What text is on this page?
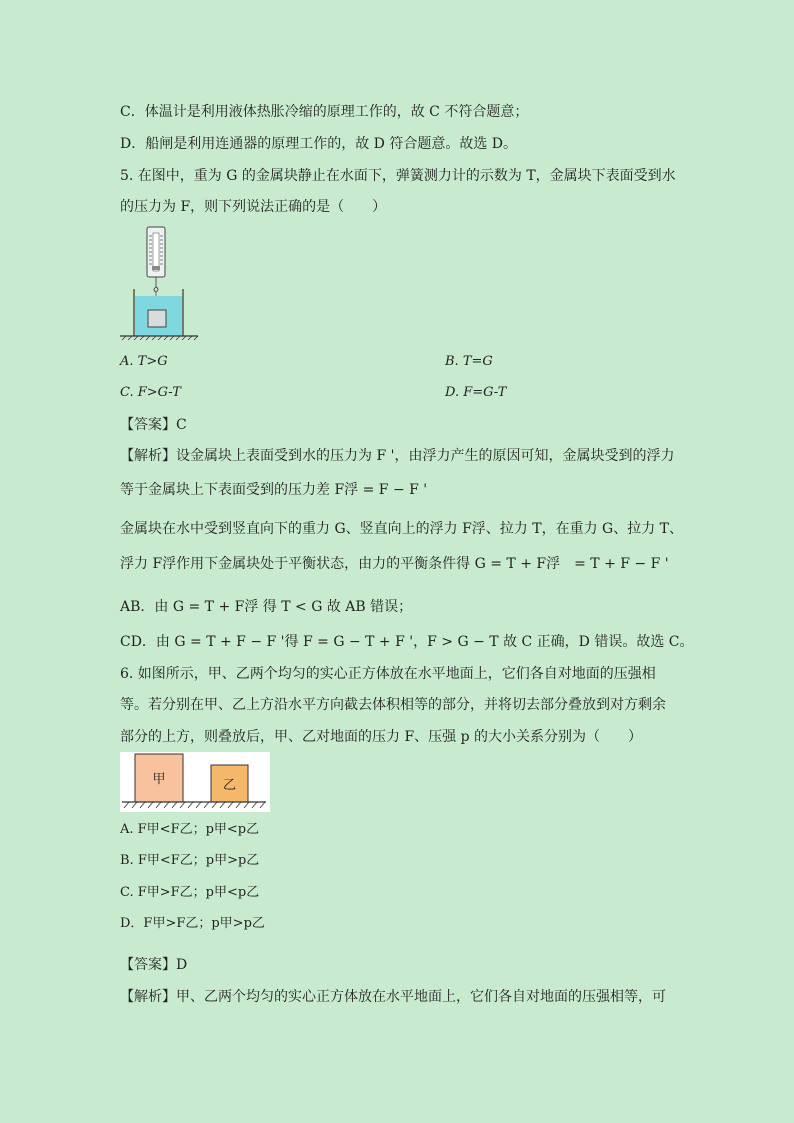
C．体温计是利用液体热胀冷缩的原理工作的，故 C 不符合题意；
D．船闸是利用连通器的原理工作的，故 D 符合题意。故选 D。
5. 在图中，重为 G 的金属块静止在水面下，弹簧测力计的示数为 T，金属块下表面受到水
的压力为 F，则下列说法正确的是（　　）
A. T>G	B. T=G
C. F>G-T	D. F=G-T
【答案】C
【解析】设金属块上表面受到水的压力为 F '，由浮力产生的原因可知，金属块受到的浮力
等于金属块上下表面受到的压力差 F浮 = F − F '
金属块在水中受到竖直向下的重力 G、竖直向上的浮力 F浮、拉力 T，在重力 G、拉力 T、
浮力 F浮作用下金属块处于平衡状态，由力的平衡条件得 G = T + F浮　= T + F − F '
AB．由 G = T + F浮 得 T < G 故 AB 错误；
CD．由 G = T + F − F '得 F = G − T + F '，F > G − T 故 C 正确，D 错误。故选 C。
6. 如图所示，甲、乙两个均匀的实心正方体放在水平地面上，它们各自对地面的压强相
等。若分别在甲、乙上方沿水平方向截去体积相等的部分，并将切去部分叠放到对方剩余
部分的上方，则叠放后，甲、乙对地面的压力 F、压强 p 的大小关系分别为（　　）
甲	乙
A. F甲<F乙；p甲<p乙
B. F甲<F乙；p甲>p乙
C. F甲>F乙；p甲<p乙
D．F甲>F乙；p甲>p乙
【答案】D
【解析】甲、乙两个均匀的实心正方体放在水平地面上，它们各自对地面的压强相等，可
